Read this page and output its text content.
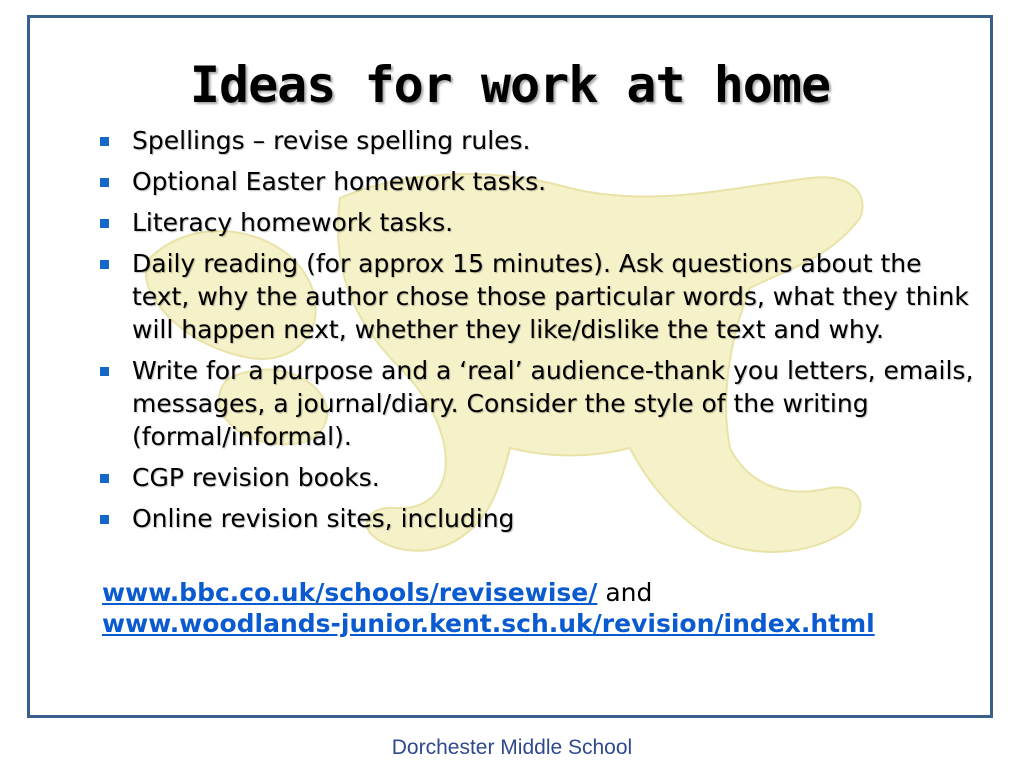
Ideas for work at home
Spellings – revise spelling rules.
Optional Easter homework tasks.
Literacy homework tasks.
Daily reading (for approx 15 minutes). Ask questions about the text, why the author chose those particular words, what they think will happen next, whether they like/dislike the text and why.
Write for a purpose and a ‘real’ audience-thank you letters, emails, messages, a journal/diary. Consider the style of the writing (formal/informal).
CGP revision books.
Online revision sites, including
www.bbc.co.uk/schools/revisewise/ and
www.woodlands-junior.kent.sch.uk/revision/index.html
Dorchester Middle School
